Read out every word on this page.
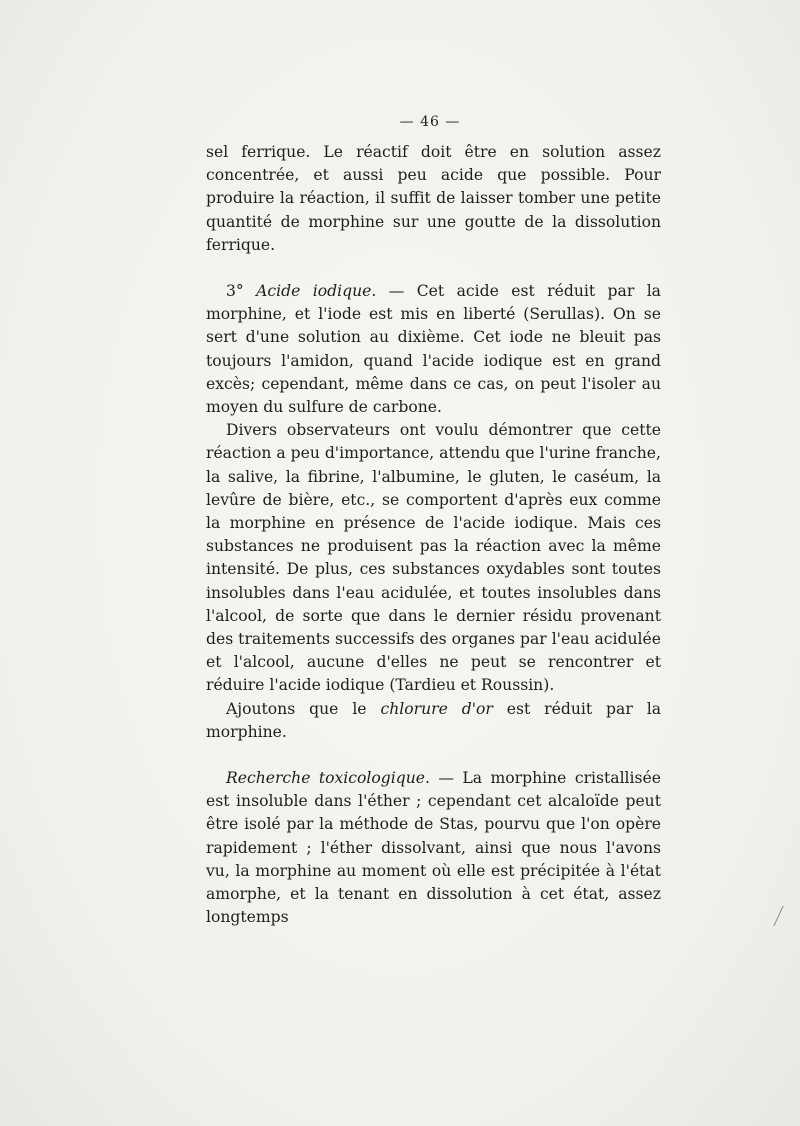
— 46 —

sel ferrique. Le réactif doit être en solution assez concentrée, et aussi peu acide que possible. Pour produire la réaction, il suffit de laisser tomber une petite quantité de morphine sur une goutte de la dissolution ferrique.

3° Acide iodique. — Cet acide est réduit par la morphine, et l'iode est mis en liberté (Serullas). On se sert d'une solution au dixième. Cet iode ne bleuit pas toujours l'amidon, quand l'acide iodique est en grand excès; cependant, même dans ce cas, on peut l'isoler au moyen du sulfure de carbone.

Divers observateurs ont voulu démontrer que cette réaction a peu d'importance, attendu que l'urine franche, la salive, la fibrine, l'albumine, le gluten, le caséum, la levûre de bière, etc., se comportent d'après eux comme la morphine en présence de l'acide iodique. Mais ces substances ne produisent pas la réaction avec la même intensité. De plus, ces substances oxydables sont toutes insolubles dans l'eau acidulée, et toutes insolubles dans l'alcool, de sorte que dans le dernier résidu provenant des traitements successifs des organes par l'eau acidulée et l'alcool, aucune d'elles ne peut se rencontrer et réduire l'acide iodique (Tardieu et Roussin).

Ajoutons que le chlorure d'or est réduit par la morphine.

Recherche toxicologique. — La morphine cristallisée est insoluble dans l'éther ; cependant cet alcaloïde peut être isolé par la méthode de Stas, pourvu que l'on opère rapidement ; l'éther dissolvant, ainsi que nous l'avons vu, la morphine au moment où elle est précipitée à l'état amorphe, et la tenant en dissolution à cet état, assez longtemps
